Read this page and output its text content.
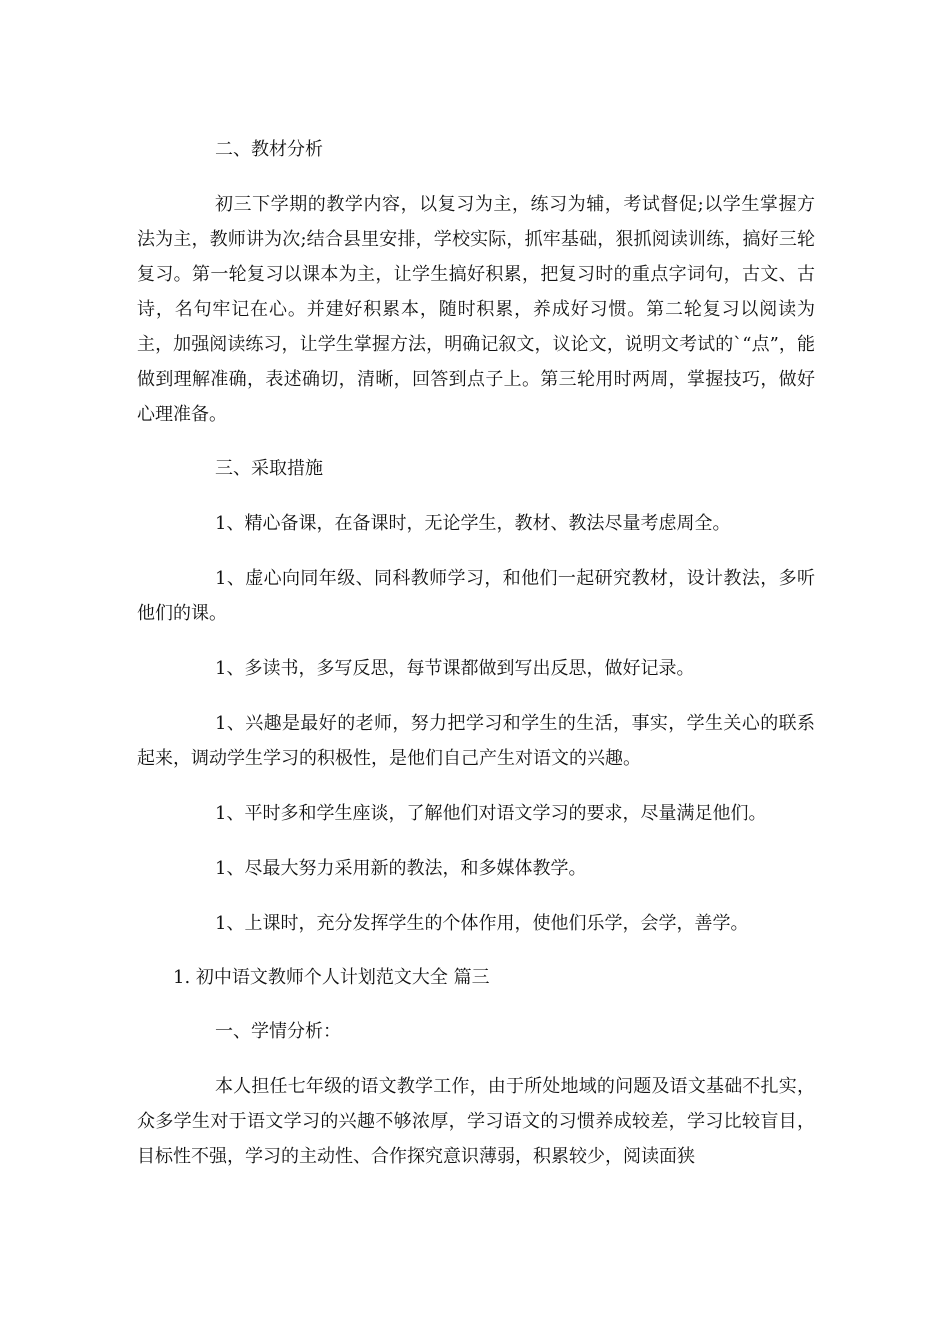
二、教材分析

初三下学期的教学内容，以复习为主，练习为辅，考试督促;以学生掌握方法为主，教师讲为次;结合县里安排，学校实际，抓牢基础，狠抓阅读训练，搞好三轮复习。第一轮复习以课本为主，让学生搞好积累，把复习时的重点字词句，古文、古诗，名句牢记在心。并建好积累本，随时积累，养成好习惯。第二轮复习以阅读为主，加强阅读练习，让学生掌握方法，明确记叙文，议论文，说明文考试的`“点”，能做到理解准确，表述确切，清晰，回答到点子上。第三轮用时两周，掌握技巧，做好心理准备。

三、采取措施

1、精心备课，在备课时，无论学生，教材、教法尽量考虑周全。

1、虚心向同年级、同科教师学习，和他们一起研究教材，设计教法，多听他们的课。

1、多读书，多写反思，每节课都做到写出反思，做好记录。

1、兴趣是最好的老师，努力把学习和学生的生活，事实，学生关心的联系起来，调动学生学习的积极性，是他们自己产生对语文的兴趣。

1、平时多和学生座谈，了解他们对语文学习的要求，尽量满足他们。

1、尽最大努力采用新的教法，和多媒体教学。

1、上课时，充分发挥学生的个体作用，使他们乐学，会学，善学。

1. 初中语文教师个人计划范文大全 篇三
一、学情分析：

本人担任七年级的语文教学工作，由于所处地域的问题及语文基础不扎实，众多学生对于语文学习的兴趣不够浓厚，学习语文的习惯养成较差，学习比较盲目，目标性不强，学习的主动性、合作探究意识薄弱，积累较少，阅读面狭
